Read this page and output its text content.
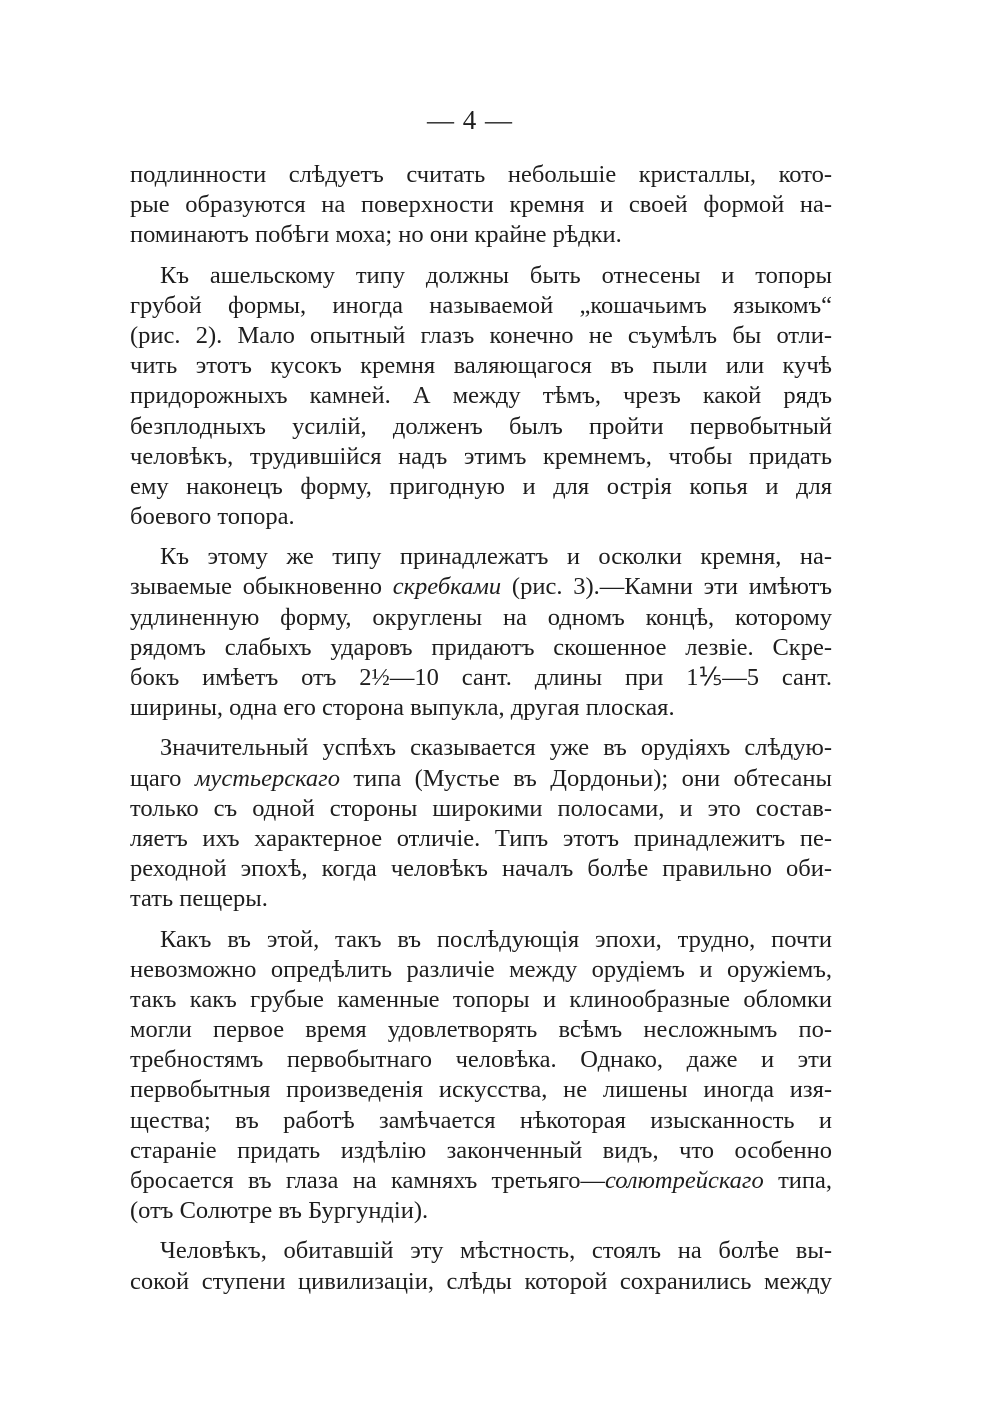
— 4 —
подлинности слѣдуетъ считать небольшіе кристаллы, кото-
рые образуются на поверхности кремня и своей формой на-
поминаютъ побѣги моха; но они крайне рѣдки.
Къ ашельскому типу должны быть отнесены и топоры
грубой формы, иногда называемой „кошачьимъ языкомъ“
(рис. 2). Мало опытный глазъ конечно не съумѣлъ бы отли-
чить этотъ кусокъ кремня валяющагося въ пыли или кучѣ
придорожныхъ камней. А между тѣмъ, чрезъ какой рядъ
безплодныхъ усилій, долженъ былъ пройти первобытный
человѣкъ, трудившійся надъ этимъ кремнемъ, чтобы придать
ему наконецъ форму, пригодную и для острія копья и для
боевого топора.
Къ этому же типу принадлежатъ и осколки кремня, на-
зываемые обыкновенно скребками (рис. 3).—Камни эти имѣютъ
удлиненную форму, округлены на одномъ концѣ, которому
рядомъ слабыхъ ударовъ придаютъ скошенное лезвіе. Скре-
бокъ имѣетъ отъ 2½—10 сант. длины при 1⅕—5 сант.
ширины, одна его сторона выпукла, другая плоская.
Значительный успѣхъ сказывается уже въ орудіяхъ слѣдую-
щаго мустьерскаго типа (Мустье въ Дордоньи); они обтесаны
только съ одной стороны широкими полосами, и это состав-
ляетъ ихъ характерное отличіе. Типъ этотъ принадлежитъ пе-
реходной эпохѣ, когда человѣкъ началъ болѣе правильно оби-
тать пещеры.
Какъ въ этой, такъ въ послѣдующія эпохи, трудно, почти
невозможно опредѣлить различіе между орудіемъ и оружіемъ,
такъ какъ грубые каменные топоры и клинообразные обломки
могли первое время удовлетворять всѣмъ несложнымъ по-
требностямъ первобытнаго человѣка. Однако, даже и эти
первобытныя произведенія искусства, не лишены иногда изя-
щества; въ работѣ замѣчается нѣкоторая изысканность и
стараніе придать издѣлію законченный видъ, что особенно
бросается въ глаза на камняхъ третьяго—солютрейскаго типа,
(отъ Солютре въ Бургундіи).
Человѣкъ, обитавшій эту мѣстность, стоялъ на болѣе вы-
сокой ступени цивилизаціи, слѣды которой сохранились между
